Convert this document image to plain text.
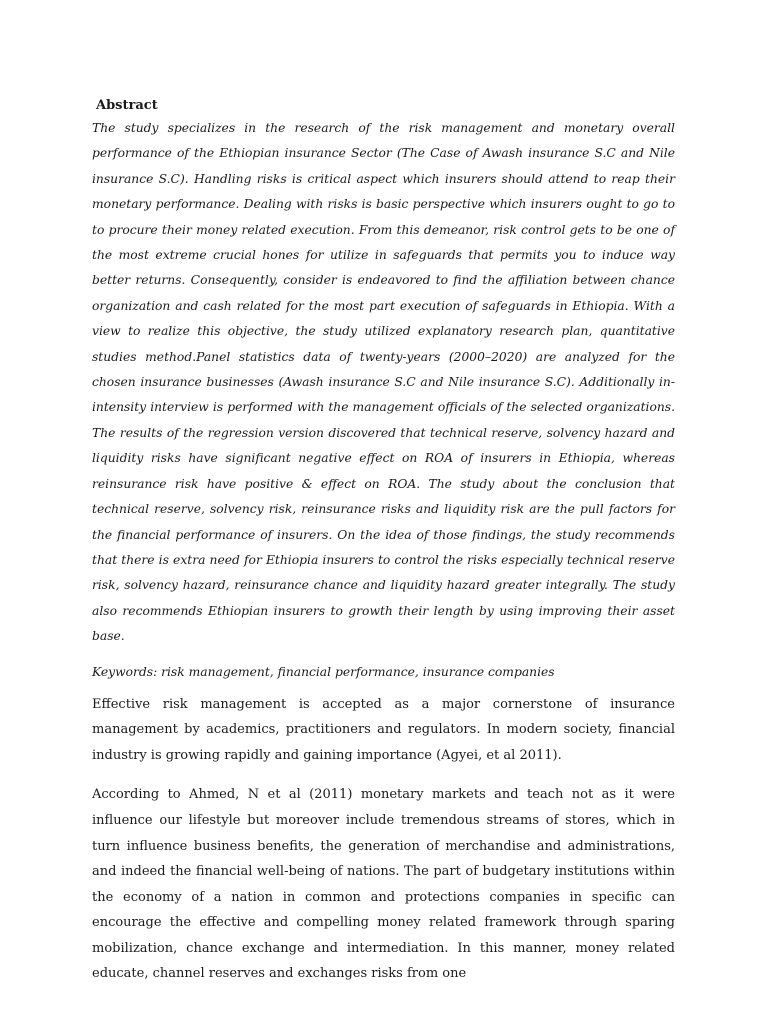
Abstract

The study specializes in the research of the risk management and monetary overall performance of the Ethiopian insurance Sector (The Case of Awash insurance S.C and Nile insurance S.C). Handling risks is critical aspect which insurers should attend to reap their monetary performance. Dealing with risks is basic perspective which insurers ought to go to to procure their money related execution. From this demeanor, risk control gets to be one of the most extreme crucial hones for utilize in safeguards that permits you to induce way better returns. Consequently, consider is endeavored to find the affiliation between chance organization and cash related for the most part execution of safeguards in Ethiopia. With a view to realize this objective, the study utilized explanatory research plan, quantitative studies method.Panel statistics data of twenty-years (2000–2020) are analyzed for the chosen insurance businesses (Awash insurance S.C and Nile insurance S.C). Additionally in-intensity interview is performed with the management officials of the selected organizations. The results of the regression version discovered that technical reserve, solvency hazard and liquidity risks have significant negative effect on ROA of insurers in Ethiopia, whereas reinsurance risk have positive & effect on ROA. The study about the conclusion that technical reserve, solvency risk, reinsurance risks and liquidity risk are the pull factors for the financial performance of insurers. On the idea of those findings, the study recommends that there is extra need for Ethiopia insurers to control the risks especially technical reserve risk, solvency hazard, reinsurance chance and liquidity hazard greater integrally. The study also recommends Ethiopian insurers to growth their length by using improving their asset base.

Keywords: risk management, financial performance, insurance companies

Effective risk management is accepted as a major cornerstone of insurance management by academics, practitioners and regulators. In modern society, financial industry is growing rapidly and gaining importance (Agyei, et al 2011).

According to Ahmed, N et al (2011) monetary markets and teach not as it were influence our lifestyle but moreover include tremendous streams of stores, which in turn influence business benefits, the generation of merchandise and administrations, and indeed the financial well-being of nations. The part of budgetary institutions within the economy of a nation in common and protections companies in specific can encourage the effective and compelling money related framework through sparing mobilization, chance exchange and intermediation. In this manner, money related educate, channel reserves and exchanges risks from one
